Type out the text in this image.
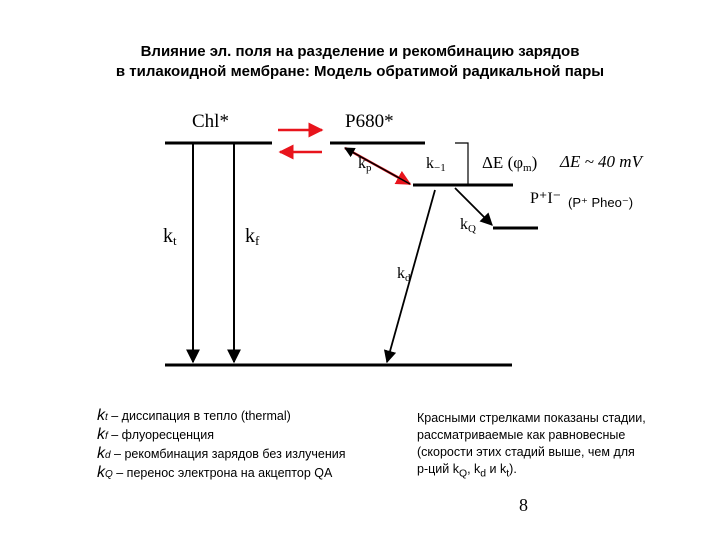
Влияние эл. поля на разделение и рекомбинацию зарядов
в тилакоидной мембране: Модель обратимой радикальной пары
Chl*	P680*
P⁺I⁻ (P⁺ Pheo⁻)
kt	kf
kp	k−1
kQ
kd
ΔE (φm) ΔE ~ 40 mV
kt – диссипация в тепло (thermal)
kf – флуоресценция
kd – рекомбинация зарядов без излучения
kQ – перенос электрона на акцептор QA
Красными стрелками показаны стадии,
рассматриваемые как равновесные
(скорости этих стадий выше, чем для
р-ций $k_Q$, $k_d$ и $k_t$).
8
